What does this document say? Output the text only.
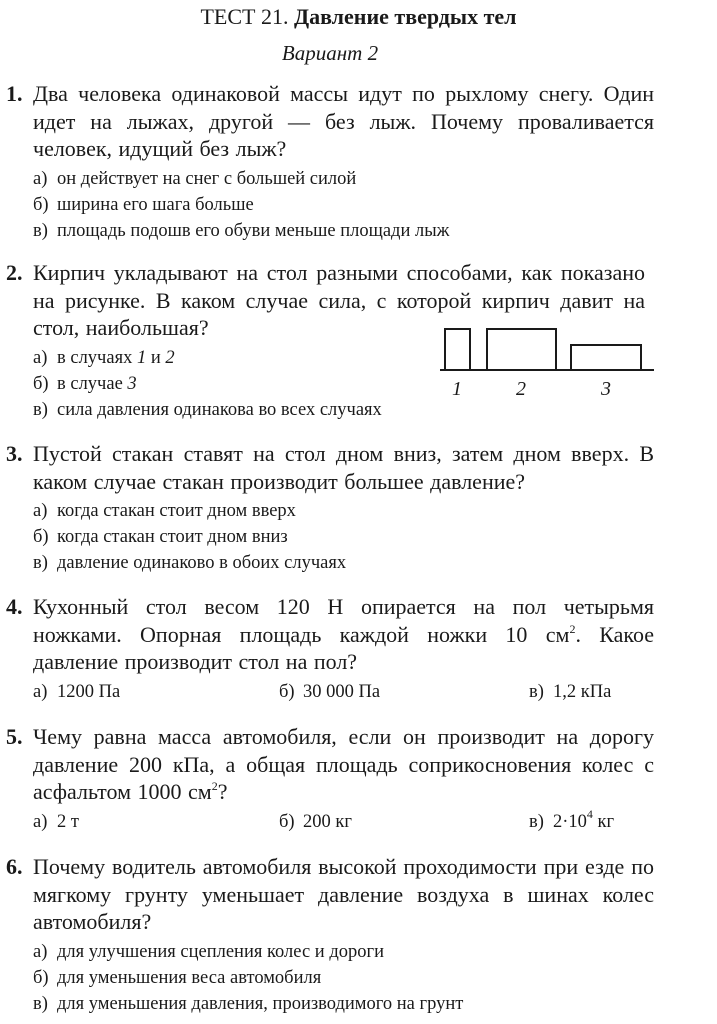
ТЕСТ 21. Давление твердых тел
Вариант 2
1. Два человека одинаковой массы идут по рыхлому снегу. Один идет на лыжах, другой — без лыж. Почему проваливается человек, идущий без лыж?
а) он действует на снег с большей силой
б) ширина его шага больше
в) площадь подошв его обуви меньше площади лыж
2. Кирпич укладывают на стол разными способами, как показано на рисунке. В каком случае сила, с которой кирпич давит на стол, наибольшая?
а) в случаях 1 и 2
б) в случае 3
в) сила давления одинакова во всех случаях
1	2	3
3. Пустой стакан ставят на стол дном вниз, затем дном вверх. В каком случае стакан производит большее давление?
а) когда стакан стоит дном вверх
б) когда стакан стоит дном вниз
в) давление одинаково в обоих случаях
4. Кухонный стол весом 120 Н опирается на пол четырьмя ножками. Опорная площадь каждой ножки 10 $см^2$. Какое давление производит стол на пол?
а) 1200 Па	б) 30 000 Па	в) 1,2 кПа
5. Чему равна масса автомобиля, если он производит на дорогу давление 200 кПа, а общая площадь соприкосновения колес с асфальтом 1000 $см^2$?
а) 2 т	б) 200 кг	в) $2\cdot 10^4$ кг
6. Почему водитель автомобиля высокой проходимости при езде по мягкому грунту уменьшает давление воздуха в шинах колес автомобиля?
а) для улучшения сцепления колес и дороги
б) для уменьшения веса автомобиля
в) для уменьшения давления, производимого на грунт
